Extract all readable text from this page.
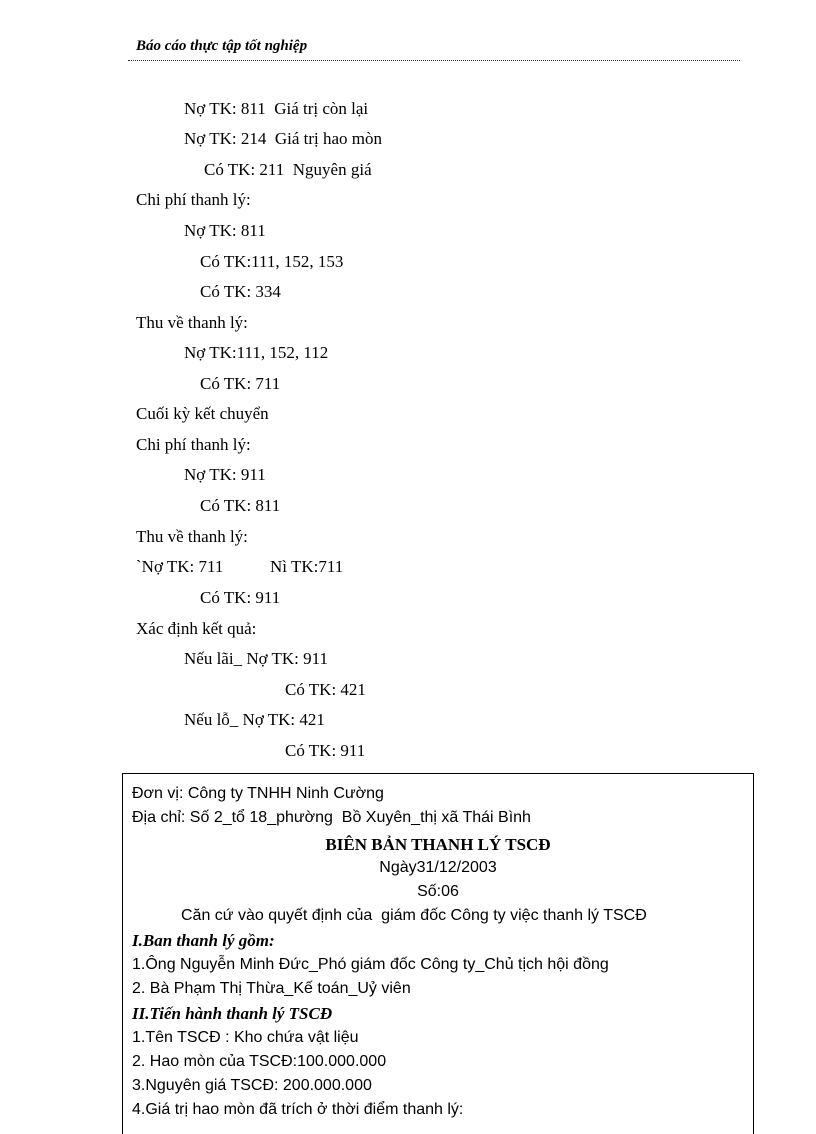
Báo cáo thực tập tốt nghiệp
Nợ TK: 811  Giá trị còn lại
Nợ TK: 214  Giá trị hao mòn
Có TK: 211  Nguyên giá
Chi phí thanh lý:
Nợ TK: 811
Có TK:111, 152, 153
Có TK: 334
Thu về thanh lý:
Nợ TK:111, 152, 112
Có TK: 711
Cuối kỳ kết chuyển
Chi phí thanh lý:
Nợ TK: 911
Có TK: 811
Thu về thanh lý:
`Nợ TK: 711	Nì TK:711
Có TK: 911
Xác định kết quả:
Nếu lãi_ Nợ TK: 911
Có TK: 421
Nếu lỗ_ Nợ TK: 421
Có TK: 911
Đơn vị: Công ty TNHH Ninh Cường
Địa chỉ: Số 2_tổ 18_phường  Bồ Xuyên_thị xã Thái Bình
BIÊN BẢN THANH LÝ TSCĐ
Ngày31/12/2003
Số:06
Căn cứ vào quyết định của  giám đốc Công ty việc thanh lý TSCĐ
I.Ban thanh lý gồm:
1.Ông Nguyễn Minh Đức_Phó giám đốc Công ty_Chủ tịch hội đồng
2. Bà Phạm Thị Thừa_Kế toán_Uỷ viên
II.Tiến hành thanh lý TSCĐ
1.Tên TSCĐ : Kho chứa vật liệu
2. Hao mòn của TSCĐ:100.000.000
3.Nguyên giá TSCĐ: 200.000.000
4.Giá trị hao mòn đã trích ở thời điểm thanh lý:
